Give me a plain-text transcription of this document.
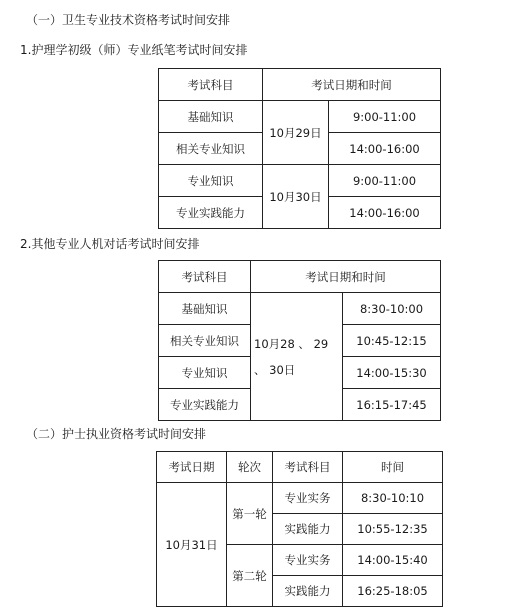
（一）卫生专业技术资格考试时间安排
1.护理学初级（师）专业纸笔考试时间安排
考试科目	考试日期和时间	
基础知识	10月29日	9:00-11:00
相关专业知识		14:00-16:00
专业知识	10月30日	9:00-11:00
专业实践能力		14:00-16:00
2.其他专业人机对话考试时间安排
考试科目	考试日期和时间	
基础知识	10月28 、 29 、 30日	8:30-10:00
相关专业知识		10:45-12:15
专业知识		14:00-15:30
专业实践能力		16:15-17:45
（二）护士执业资格考试时间安排
考试日期	轮次	考试科目	时间
10月31日	第一轮	专业实务	8:30-10:10
		实践能力	10:55-12:35
	第二轮	专业实务	14:00-15:40
		实践能力	16:25-18:05
